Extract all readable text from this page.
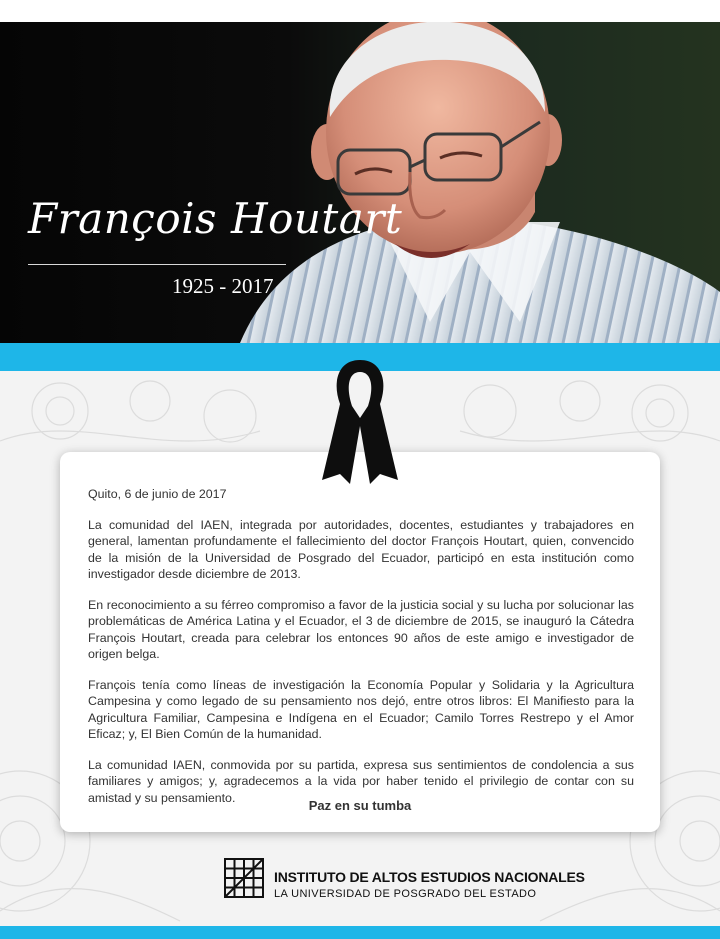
François Houtart
1925 - 2017
Quito, 6 de junio de 2017

La comunidad del IAEN, integrada por autoridades, docentes, estudiantes y trabajadores en general, lamentan profundamente el fallecimiento del doctor François Houtart, quien, convencido de la misión de la Universidad de Posgrado del Ecuador, participó en esta institución como investigador desde diciembre de 2013.

En reconocimiento a su férreo compromiso a favor de la justicia social y su lucha por solucionar las problemáticas de América Latina y el Ecuador, el 3 de diciembre de 2015, se inauguró la Cátedra François Houtart, creada para celebrar los entonces 90 años de este amigo e investigador de origen belga.

François tenía como líneas de investigación la Economía Popular y Solidaria y la Agricultura Campesina y como legado de su pensamiento nos dejó, entre otros libros: El Manifiesto para la Agricultura Familiar, Campesina e Indígena en el Ecuador; Camilo Torres Restrepo y el Amor Eficaz; y, El Bien Común de la humanidad.

La comunidad IAEN, conmovida por su partida, expresa sus sentimientos de condolencia a sus familiares y amigos; y, agradecemos a la vida por haber tenido el privilegio de contar con su amistad y su pensamiento.

Paz en su tumba
INSTITUTO DE ALTOS ESTUDIOS NACIONALES
LA UNIVERSIDAD DE POSGRADO DEL ESTADO
